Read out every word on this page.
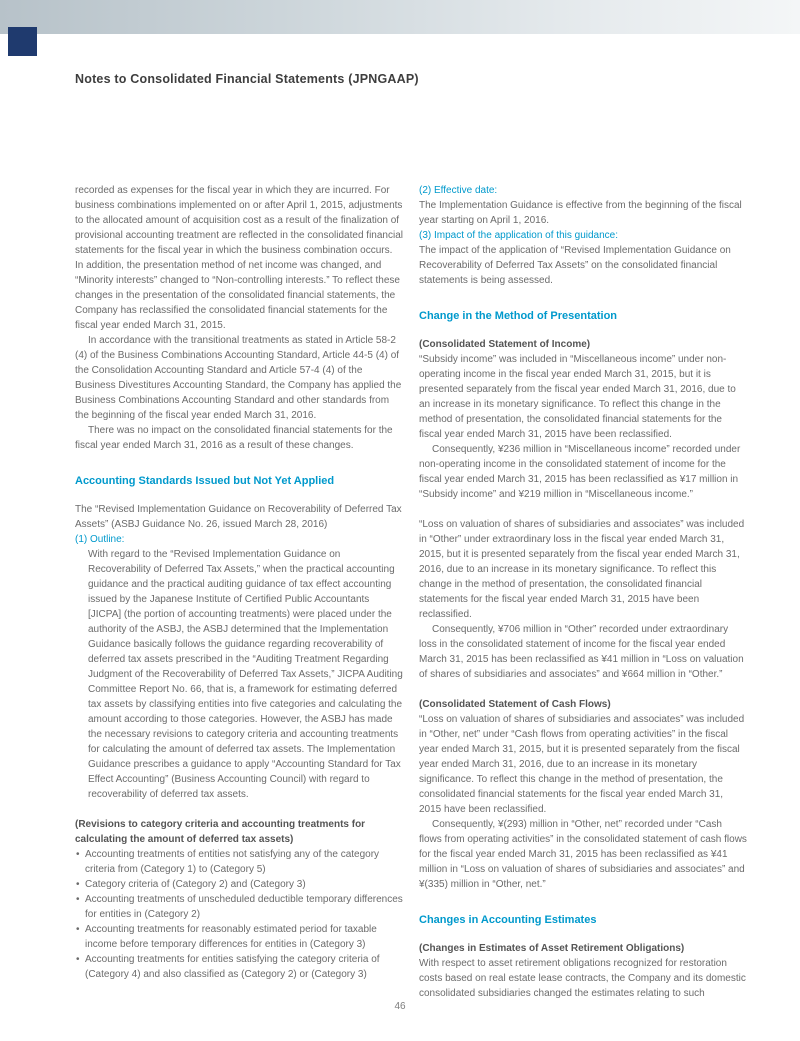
Notes to Consolidated Financial Statements (JPNGAAP)

recorded as expenses for the fiscal year in which they are incurred. For business combinations implemented on or after April 1, 2015, adjustments to the allocated amount of acquisition cost as a result of the finalization of provisional accounting treatment are reflected in the consolidated financial statements for the fiscal year in which the business combination occurs. In addition, the presentation method of net income was changed, and “Minority interests” changed to “Non-controlling interests.” To reflect these changes in the presentation of the consolidated financial statements, the Company has reclassified the consolidated financial statements for the fiscal year ended March 31, 2015.

In accordance with the transitional treatments as stated in Article 58-2 (4) of the Business Combinations Accounting Standard, Article 44-5 (4) of the Consolidation Accounting Standard and Article 57-4 (4) of the Business Divestitures Accounting Standard, the Company has applied the Business Combinations Accounting Standard and other standards from the beginning of the fiscal year ended March 31, 2016.

There was no impact on the consolidated financial statements for the fiscal year ended March 31, 2016 as a result of these changes.

Accounting Standards Issued but Not Yet Applied

The “Revised Implementation Guidance on Recoverability of Deferred Tax Assets” (ASBJ Guidance No. 26, issued March 28, 2016)

(1) Outline:

With regard to the “Revised Implementation Guidance on Recoverability of Deferred Tax Assets,” when the practical accounting guidance and the practical auditing guidance of tax effect accounting issued by the Japanese Institute of Certified Public Accountants [JICPA] (the portion of accounting treatments) were placed under the authority of the ASBJ, the ASBJ determined that the Implementation Guidance basically follows the guidance regarding recoverability of deferred tax assets prescribed in the “Auditing Treatment Regarding Judgment of the Recoverability of Deferred Tax Assets,” JICPA Auditing Committee Report No. 66, that is, a framework for estimating deferred tax assets by classifying entities into five categories and calculating the amount according to those categories. However, the ASBJ has made the necessary revisions to category criteria and accounting treatments for calculating the amount of deferred tax assets. The Implementation Guidance prescribes a guidance to apply “Accounting Standard for Tax Effect Accounting” (Business Accounting Council) with regard to recoverability of deferred tax assets.

(Revisions to category criteria and accounting treatments for calculating the amount of deferred tax assets)

• Accounting treatments of entities not satisfying any of the category criteria from (Category 1) to (Category 5)

• Category criteria of (Category 2) and (Category 3)

• Accounting treatments of unscheduled deductible temporary differences for entities in (Category 2)

• Accounting treatments for reasonably estimated period for taxable income before temporary differences for entities in (Category 3)

• Accounting treatments for entities satisfying the category criteria of (Category 4) and also classified as (Category 2) or (Category 3)

(2) Effective date:

The Implementation Guidance is effective from the beginning of the fiscal year starting on April 1, 2016.

(3) Impact of the application of this guidance:

The impact of the application of “Revised Implementation Guidance on Recoverability of Deferred Tax Assets” on the consolidated financial statements is being assessed.

Change in the Method of Presentation

(Consolidated Statement of Income)

“Subsidy income” was included in “Miscellaneous income” under non-operating income in the fiscal year ended March 31, 2015, but it is presented separately from the fiscal year ended March 31, 2016, due to an increase in its monetary significance. To reflect this change in the method of presentation, the consolidated financial statements for the fiscal year ended March 31, 2015 have been reclassified.

Consequently, ¥236 million in “Miscellaneous income” recorded under non-operating income in the consolidated statement of income for the fiscal year ended March 31, 2015 has been reclassified as ¥17 million in “Subsidy income” and ¥219 million in “Miscellaneous income.”

“Loss on valuation of shares of subsidiaries and associates” was included in “Other” under extraordinary loss in the fiscal year ended March 31, 2015, but it is presented separately from the fiscal year ended March 31, 2016, due to an increase in its monetary significance. To reflect this change in the method of presentation, the consolidated financial statements for the fiscal year ended March 31, 2015 have been reclassified.

Consequently, ¥706 million in “Other” recorded under extraordinary loss in the consolidated statement of income for the fiscal year ended March 31, 2015 has been reclassified as ¥41 million in “Loss on valuation of shares of subsidiaries and associates” and ¥664 million in “Other.”

(Consolidated Statement of Cash Flows)

“Loss on valuation of shares of subsidiaries and associates” was included in “Other, net” under “Cash flows from operating activities” in the fiscal year ended March 31, 2015, but it is presented separately from the fiscal year ended March 31, 2016, due to an increase in its monetary significance. To reflect this change in the method of presentation, the consolidated financial statements for the fiscal year ended March 31, 2015 have been reclassified.

Consequently, ¥(293) million in “Other, net” recorded under “Cash flows from operating activities” in the consolidated statement of cash flows for the fiscal year ended March 31, 2015 has been reclassified as ¥41 million in “Loss on valuation of shares of subsidiaries and associates” and ¥(335) million in “Other, net.”

Changes in Accounting Estimates

(Changes in Estimates of Asset Retirement Obligations)

With respect to asset retirement obligations recognized for restoration costs based on real estate lease contracts, the Company and its domestic consolidated subsidiaries changed the estimates relating to such

46
